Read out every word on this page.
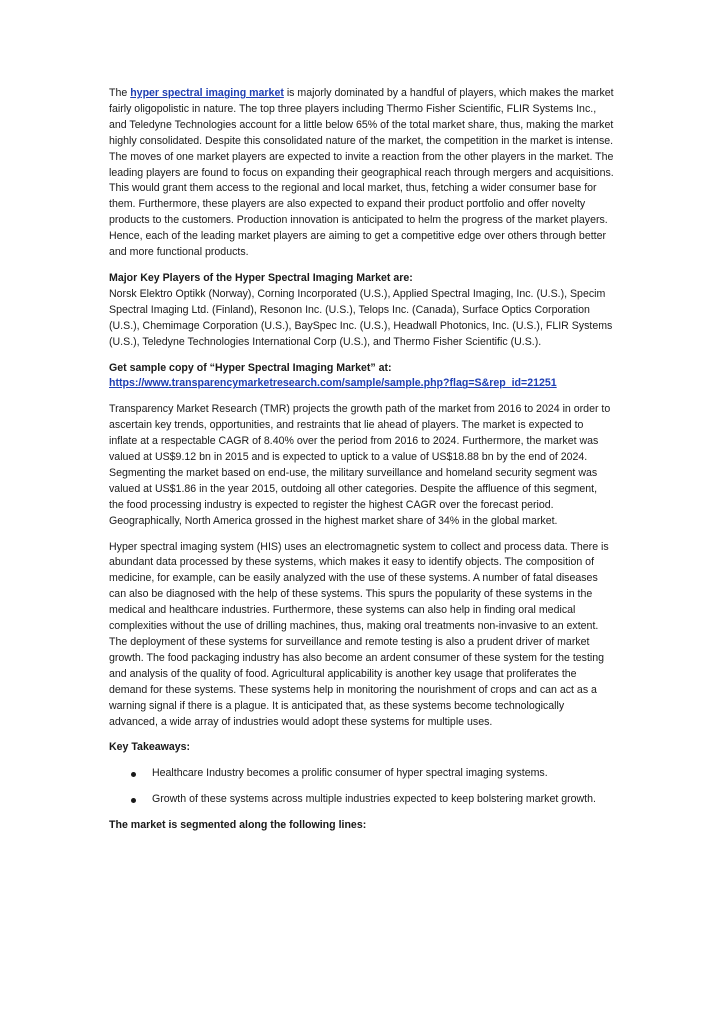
The hyper spectral imaging market is majorly dominated by a handful of players, which makes the market fairly oligopolistic in nature. The top three players including Thermo Fisher Scientific, FLIR Systems Inc., and Teledyne Technologies account for a little below 65% of the total market share, thus, making the market highly consolidated. Despite this consolidated nature of the market, the competition in the market is intense. The moves of one market players are expected to invite a reaction from the other players in the market. The leading players are found to focus on expanding their geographical reach through mergers and acquisitions. This would grant them access to the regional and local market, thus, fetching a wider consumer base for them. Furthermore, these players are also expected to expand their product portfolio and offer novelty products to the customers. Production innovation is anticipated to helm the progress of the market players. Hence, each of the leading market players are aiming to get a competitive edge over others through better and more functional products.

Major Key Players of the Hyper Spectral Imaging Market are:
Norsk Elektro Optikk (Norway), Corning Incorporated (U.S.), Applied Spectral Imaging, Inc. (U.S.), Specim Spectral Imaging Ltd. (Finland), Resonon Inc. (U.S.), Telops Inc. (Canada), Surface Optics Corporation (U.S.), Chemimage Corporation (U.S.), BaySpec Inc. (U.S.), Headwall Photonics, Inc. (U.S.), FLIR Systems (U.S.), Teledyne Technologies International Corp (U.S.), and Thermo Fisher Scientific (U.S.).

Get sample copy of “Hyper Spectral Imaging Market” at:
https://www.transparencymarketresearch.com/sample/sample.php?flag=S&rep_id=21251

Transparency Market Research (TMR) projects the growth path of the market from 2016 to 2024 in order to ascertain key trends, opportunities, and restraints that lie ahead of players. The market is expected to inflate at a respectable CAGR of 8.40% over the period from 2016 to 2024. Furthermore, the market was valued at US$9.12 bn in 2015 and is expected to uptick to a value of US$18.88 bn by the end of 2024. Segmenting the market based on end-use, the military surveillance and homeland security segment was valued at US$1.86 in the year 2015, outdoing all other categories. Despite the affluence of this segment, the food processing industry is expected to register the highest CAGR over the forecast period. Geographically, North America grossed in the highest market share of 34% in the global market.

Hyper spectral imaging system (HIS) uses an electromagnetic system to collect and process data. There is abundant data processed by these systems, which makes it easy to identify objects. The composition of medicine, for example, can be easily analyzed with the use of these systems. A number of fatal diseases can also be diagnosed with the help of these systems. This spurs the popularity of these systems in the medical and healthcare industries. Furthermore, these systems can also help in finding oral medical complexities without the use of drilling machines, thus, making oral treatments non-invasive to an extent. The deployment of these systems for surveillance and remote testing is also a prudent driver of market growth. The food packaging industry has also become an ardent consumer of these system for the testing and analysis of the quality of food. Agricultural applicability is another key usage that proliferates the demand for these systems. These systems help in monitoring the nourishment of crops and can act as a warning signal if there is a plague. It is anticipated that, as these systems become technologically advanced, a wide array of industries would adopt these systems for multiple uses.

Key Takeaways:

Healthcare Industry becomes a prolific consumer of hyper spectral imaging systems.
Growth of these systems across multiple industries expected to keep bolstering market growth.

The market is segmented along the following lines:
